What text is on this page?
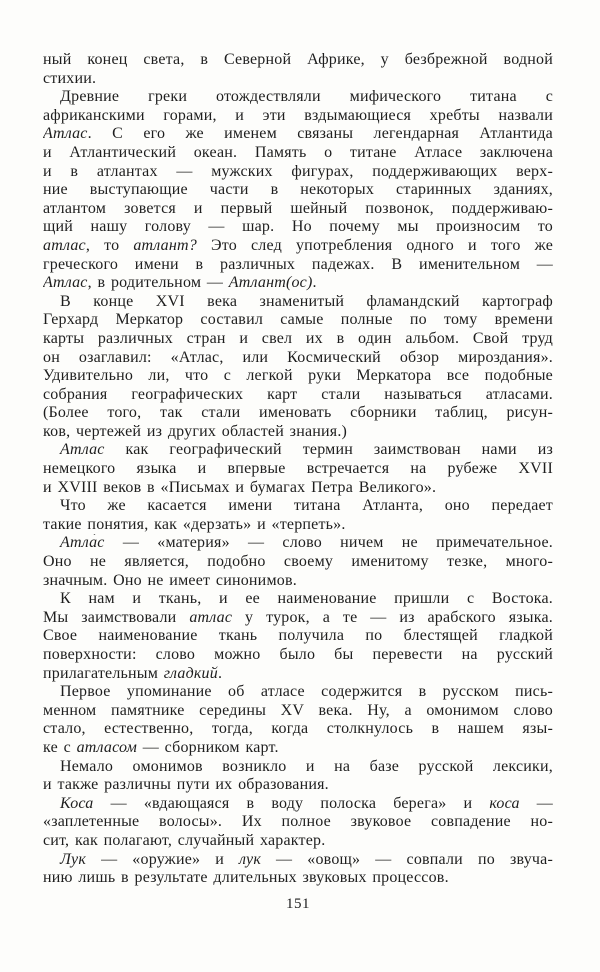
ный конец света, в Северной Африке, у безбрежной водной
стихии.
Древние греки отождествляли мифического титана с
африканскими горами, и эти вздымающиеся хребты назвали
Атлас. С его же именем связаны легендарная Атлантида
и Атлантический океан. Память о титане Атласе заключена
и в атлантах — мужских фигурах, поддерживающих верх-
ние выступающие части в некоторых старинных зданиях,
атлантом зовется и первый шейный позвонок, поддерживаю-
щий нашу голову — шар. Но почему мы произносим то
атлас, то атлант? Это след употребления одного и того же
греческого имени в различных падежах. В именительном —
Атлас, в родительном — Атлант(ос).
В конце XVI века знаменитый фламандский картограф
Герхард Меркатор составил самые полные по тому времени
карты различных стран и свел их в один альбом. Свой труд
он озаглавил: «Атлас, или Космический обзор мироздания».
Удивительно ли, что с легкой руки Меркатора все подобные
собрания географических карт стали называться атласами.
(Более того, так стали именовать сборники таблиц, рисун-
ков, чертежей из других областей знания.)
Атлас как географический термин заимствован нами из
немецкого языка и впервые встречается на рубеже XVII
и XVIII веков в «Письмах и бумагах Петра Великого».
Что же касается имени титана Атланта, оно передает
такие понятия, как «дерзать» и «терпеть».
Атла́с — «материя» — слово ничем не примечательное.
Оно не является, подобно своему именитому тезке, много-
значным. Оно не имеет синонимов.
К нам и ткань, и ее наименование пришли с Востока.
Мы заимствовали атлас у турок, а те — из арабского языка.
Свое наименование ткань получила по блестящей гладкой
поверхности: слово можно было бы перевести на русский
прилагательным гладкий.
Первое упоминание об атласе содержится в русском пись-
менном памятнике середины XV века. Ну, а омонимом слово
стало, естественно, тогда, когда столкнулось в нашем язы-
ке с атласом — сборником карт.
Немало омонимов возникло и на базе русской лексики,
и также различны пути их образования.
Коса — «вдающаяся в воду полоска берега» и коса —
«заплетенные волосы». Их полное звуковое совпадение но-
сит, как полагают, случайный характер.
Лук — «оружие» и лук — «овощ» — совпали по звуча-
нию лишь в результате длительных звуковых процессов.
151
